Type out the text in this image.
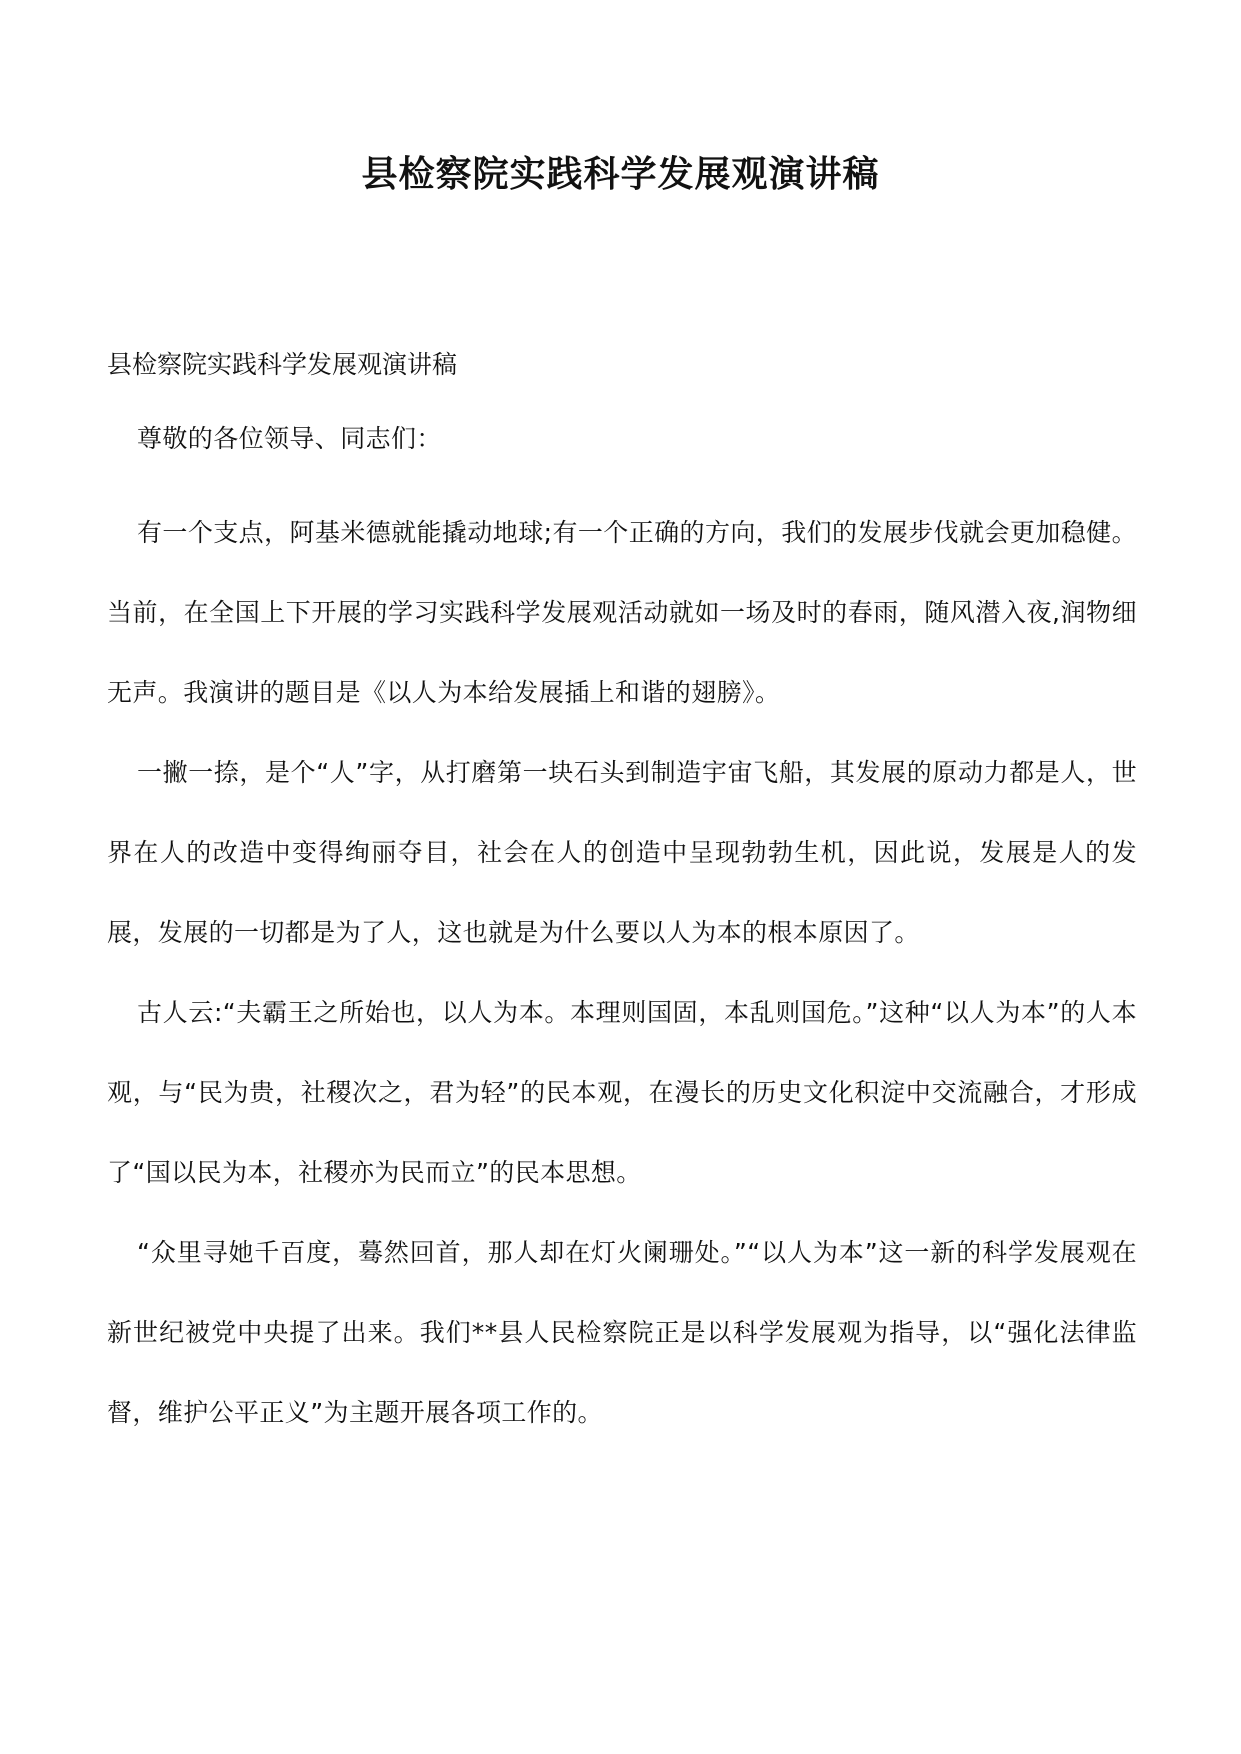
县检察院实践科学发展观演讲稿

县检察院实践科学发展观演讲稿

尊敬的各位领导、同志们：

有一个支点，阿基米德就能撬动地球;有一个正确的方向，我们的发展步伐就会更加稳健。当前，在全国上下开展的学习实践科学发展观活动就如一场及时的春雨，随风潜入夜,润物细无声。我演讲的题目是《以人为本给发展插上和谐的翅膀》。

一撇一捺，是个“人”字，从打磨第一块石头到制造宇宙飞船，其发展的原动力都是人，世界在人的改造中变得绚丽夺目，社会在人的创造中呈现勃勃生机，因此说，发展是人的发展，发展的一切都是为了人，这也就是为什么要以人为本的根本原因了。

古人云:“夫霸王之所始也，以人为本。本理则国固，本乱则国危。”这种“以人为本”的人本观，与“民为贵，社稷次之，君为轻”的民本观，在漫长的历史文化积淀中交流融合，才形成了“国以民为本，社稷亦为民而立”的民本思想。

“众里寻她千百度，蓦然回首，那人却在灯火阑珊处。”“以人为本”这一新的科学发展观在新世纪被党中央提了出来。我们**县人民检察院正是以科学发展观为指导，以“强化法律监督，维护公平正义”为主题开展各项工作的。
